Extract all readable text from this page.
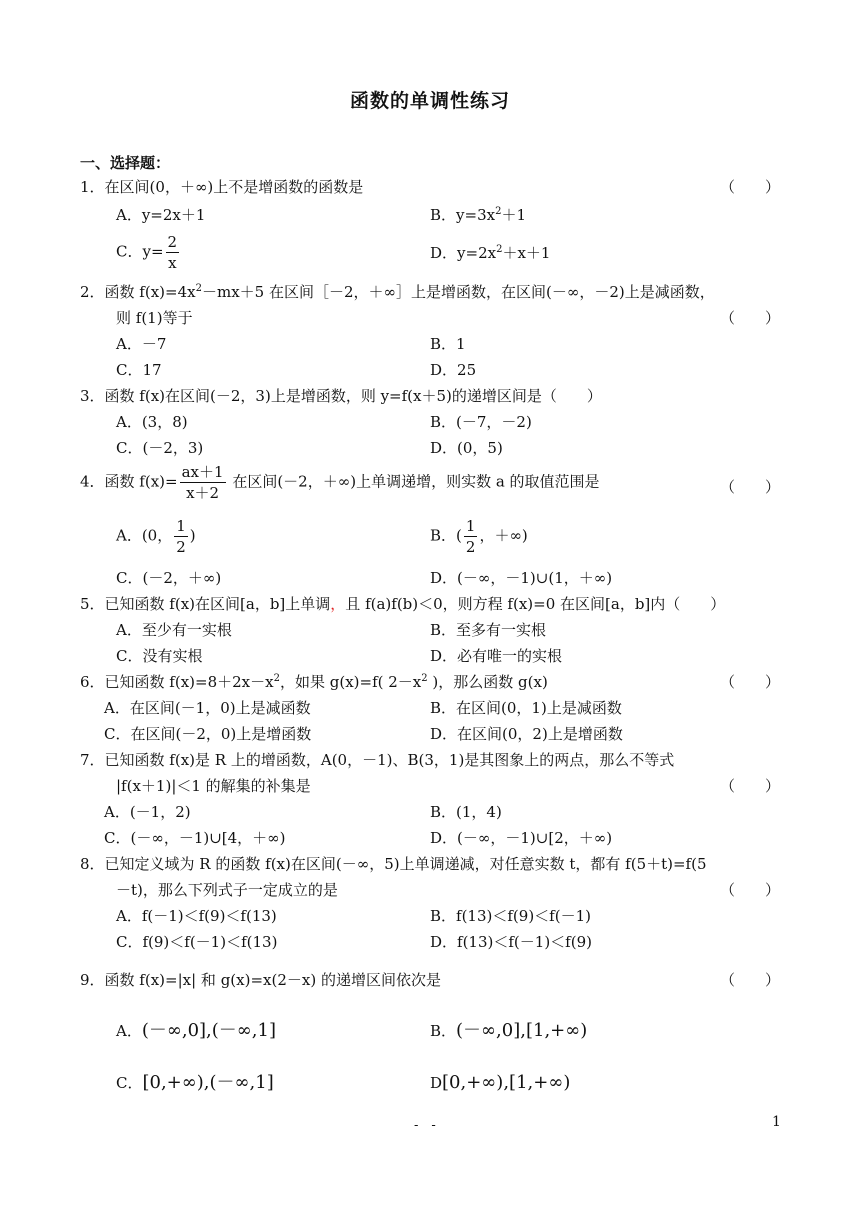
函数的单调性练习
一、选择题：
1．在区间(0，＋∞)上不是增函数的函数是	（　　）
A．y=2x＋1	B．$y=3x^2+1$
C．$y= \frac{2}{x}$	D．$y=2x^2+x+1$
2．函数 $f(x)=4x^2-mx+5$ 在区间［－2，＋∞］上是增函数，在区间(－∞，－2)上是减函数，
则 f(1)等于	（　　）
A．－7	B．1
C．17	D．25
3．函数 f(x)在区间(－2，3)上是增函数，则 y=f(x＋5)的递增区间是（　　）
A．(3，8)	B．(－7，－2)
C．(－2，3)	D．(0，5)
4．函数 $f(x)= \frac{ax+1}{x+2}$ 在区间(－2，＋∞)上单调递增，则实数 a 的取值范围是	（　　）
A．(0， $\frac{1}{2}$ )	B．( $\frac{1}{2}$ ，＋∞)
C．(－2，＋∞)	D．(－∞，－1)∪(1，＋∞)
5．已知函数 f(x)在区间[a，b]上单调，且 f(a)f(b)＜0，则方程 f(x)=0 在区间[a，b]内（　　）
A．至少有一实根	B．至多有一实根
C．没有实根	D．必有唯一的实根
6．已知函数 $f(x)=8+2x-x^2$，如果 g(x)=f( $2-x^2$ )，那么函数 g(x)	（　　）
A．在区间(－1，0)上是减函数	B．在区间(0，1)上是减函数
C．在区间(－2，0)上是增函数	D．在区间(0，2)上是增函数
7．已知函数 f(x)是 R 上的增函数，A(0，－1)、B(3，1)是其图象上的两点，那么不等式
|f(x＋1)|＜1 的解集的补集是	（　　）
A．(－1，2)	B．(1，4)
C．(－∞，－1)∪[4，＋∞)	D．(－∞，－1)∪[2，＋∞)
8．已知定义域为 R 的函数 f(x)在区间(－∞，5)上单调递减，对任意实数 t，都有 f(5＋t)=f(5
－t)，那么下列式子一定成立的是	（　　）
A．f(－1)＜f(9)＜f(13)	B．f(13)＜f(9)＜f(－1)
C．f(9)＜f(－1)＜f(13)	D．f(13)＜f(－1)＜f(9)
9．函数 f(x)=|x| 和 g(x)=x(2－x) 的递增区间依次是	（　　）
A．(－∞,0],(－∞,1]	B．(－∞,0],[1,+∞)
C．[0,+∞),(－∞,1]	D[0,+∞),[1,+∞)
-　-	1
